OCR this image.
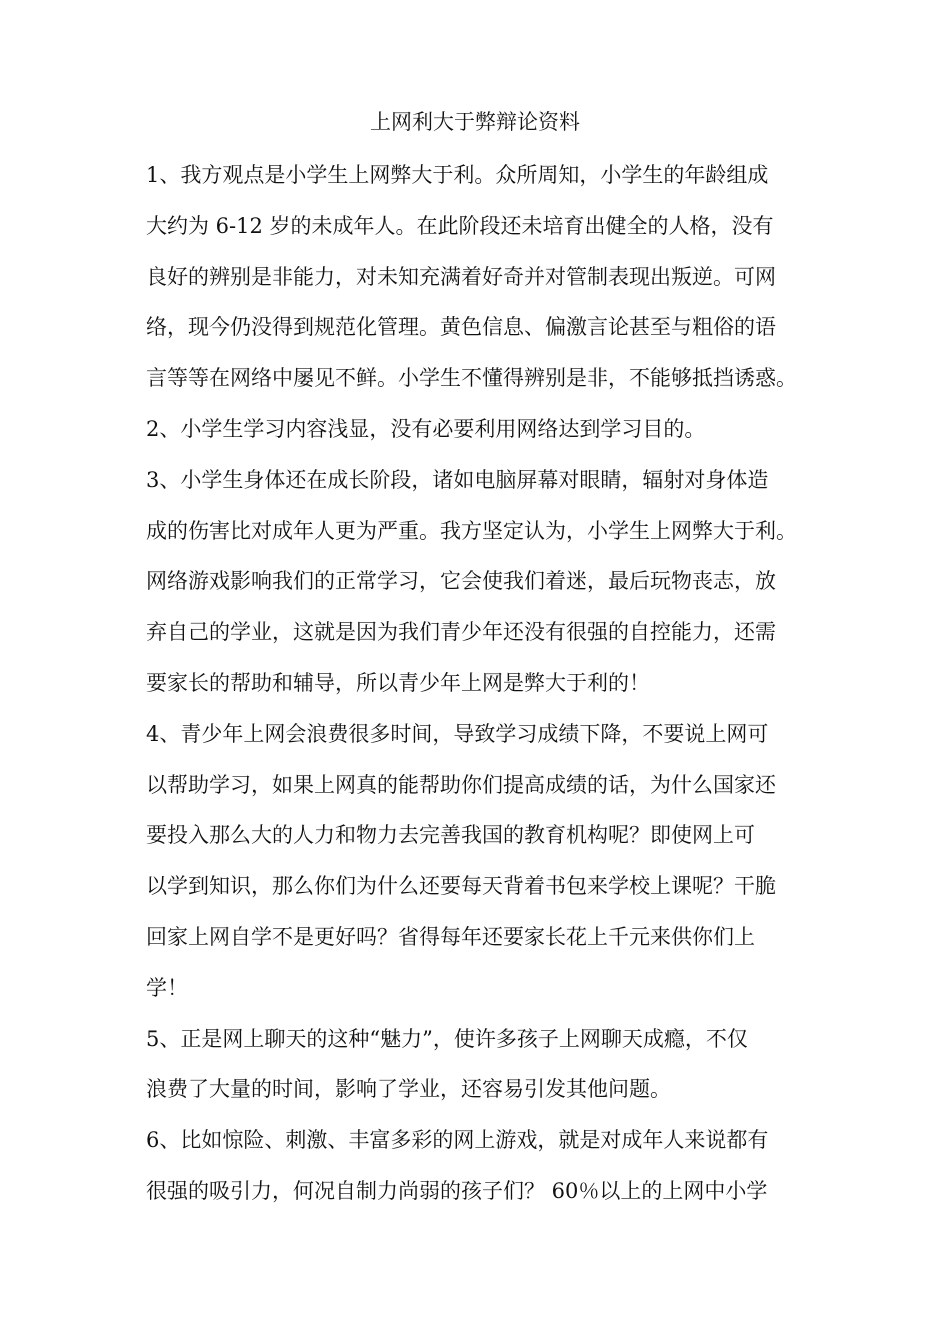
上网利大于弊辩论资料
1、我方观点是小学生上网弊大于利。众所周知，小学生的年龄组成
大约为 6-12 岁的未成年人。在此阶段还未培育出健全的人格，没有
良好的辨别是非能力，对未知充满着好奇并对管制表现出叛逆。可网
络，现今仍没得到规范化管理。黄色信息、偏激言论甚至与粗俗的语
言等等在网络中屡见不鲜。小学生不懂得辨别是非，不能够抵挡诱惑。
2、小学生学习内容浅显，没有必要利用网络达到学习目的。
3、小学生身体还在成长阶段，诸如电脑屏幕对眼睛，辐射对身体造
成的伤害比对成年人更为严重。我方坚定认为，小学生上网弊大于利。
网络游戏影响我们的正常学习，它会使我们着迷，最后玩物丧志，放
弃自己的学业，这就是因为我们青少年还没有很强的自控能力，还需
要家长的帮助和辅导，所以青少年上网是弊大于利的！
4、青少年上网会浪费很多时间，导致学习成绩下降，不要说上网可
以帮助学习，如果上网真的能帮助你们提高成绩的话，为什么国家还
要投入那么大的人力和物力去完善我国的教育机构呢？即使网上可
以学到知识，那么你们为什么还要每天背着书包来学校上课呢？干脆
回家上网自学不是更好吗？省得每年还要家长花上千元来供你们上
学！
5、正是网上聊天的这种“魅力”，使许多孩子上网聊天成瘾，不仅
浪费了大量的时间，影响了学业，还容易引发其他问题。
6、比如惊险、刺激、丰富多彩的网上游戏，就是对成年人来说都有
很强的吸引力，何况自制力尚弱的孩子们？ 60％以上的上网中小学
